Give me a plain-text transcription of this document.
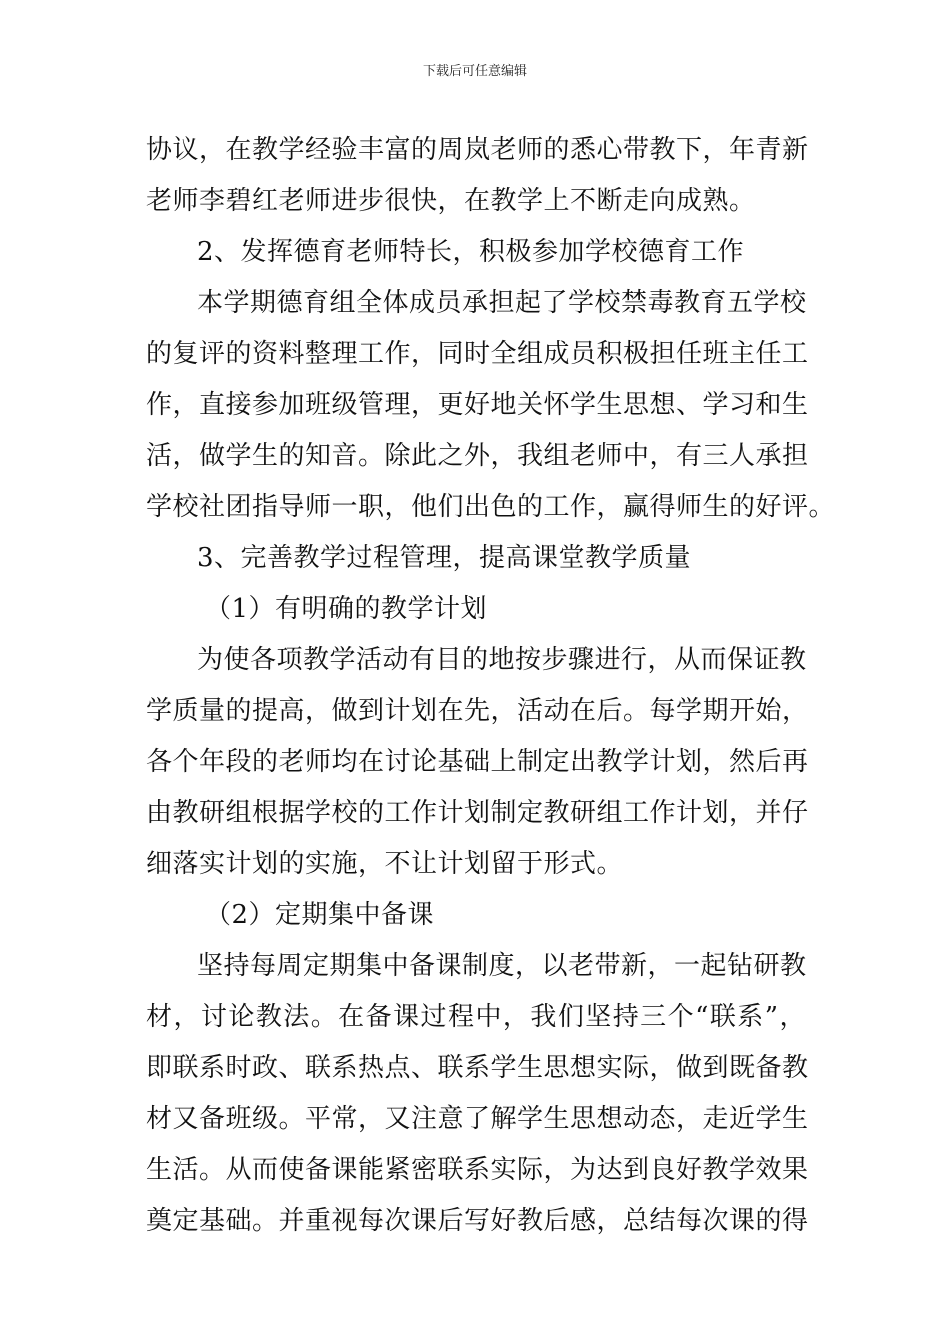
下载后可任意编辑
协议，在教学经验丰富的周岚老师的悉心带教下，年青新
老师李碧红老师进步很快，在教学上不断走向成熟。
2、发挥德育老师特长，积极参加学校德育工作
本学期德育组全体成员承担起了学校禁毒教育五学校
的复评的资料整理工作，同时全组成员积极担任班主任工
作，直接参加班级管理，更好地关怀学生思想、学习和生
活，做学生的知音。除此之外，我组老师中，有三人承担
学校社团指导师一职，他们出色的工作，赢得师生的好评。
3、完善教学过程管理，提高课堂教学质量
（1）有明确的教学计划
为使各项教学活动有目的地按步骤进行，从而保证教
学质量的提高，做到计划在先，活动在后。每学期开始，
各个年段的老师均在讨论基础上制定出教学计划，然后再
由教研组根据学校的工作计划制定教研组工作计划，并仔
细落实计划的实施，不让计划留于形式。
（2）定期集中备课
坚持每周定期集中备课制度，以老带新，一起钻研教
材，讨论教法。在备课过程中，我们坚持三个“联系”，
即联系时政、联系热点、联系学生思想实际，做到既备教
材又备班级。平常，又注意了解学生思想动态，走近学生
生活。从而使备课能紧密联系实际，为达到良好教学效果
奠定基础。并重视每次课后写好教后感，总结每次课的得
